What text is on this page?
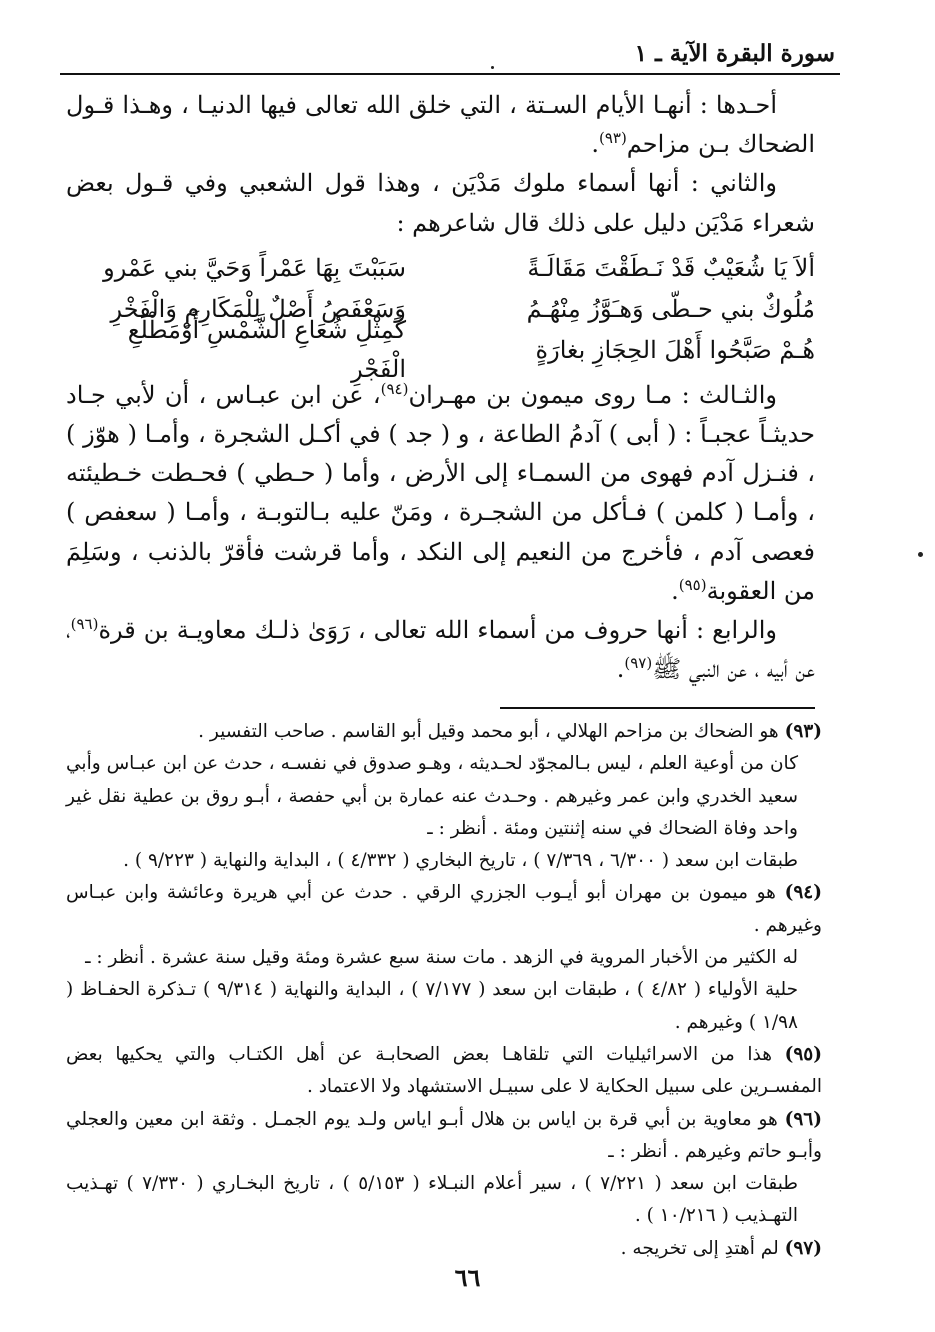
سورة البقرة الآية ـ ١

أحـدها : أنهـا الأيام السـتة ، التي خلق الله تعالى فيها الدنيـا ، وهـذا قـول الضحاك بـن مزاحم$^{(٩٣)}$.

والثاني : أنها أسماء ملوك مَدْيَن ، وهذا قول الشعبي وفي قـول بعض شعراء مَدْيَن دليل على ذلك قال شاعرهم :

ألاَ يَا شُعَيْبٌ قَدْ نَـطَقْتَ مَقَالَـةً
سَبَبْتَ بِهَا عَمْراً وَحَيَّ بني عَمْرو
مُلُوكٌ بني حـطّى وَهـَوَّزُ مِنْهُـمُ
وَسَعْفَصُ أَصْلٌ لِلْمَكَارِمِ وَالْفَخْرِ
هُـمْ صَبَّحُوا أَهْلَ الحِجَازِ بغارَةٍ
كَمِثْلِ شُعَاعِ الشَّمْسِ أَوْمَطْلَعِ الْفَجْرِ

والثـالث : مـا روى ميمون بن مهـران$^{(٩٤)}$، عن ابن عبـاس ، أن لأبي جـاد حديثـاً عجبـاً : ( أبى ) آدمُ الطاعة ، و ( جد ) في أكـل الشجرة ، وأمـا ( هوّز ) ، فنـزل آدم فهوى من السمـاء إلى الأرض ، وأما ( حـطي ) فحـطت خـطيئته ، وأمـا ( كلمن ) فـأكل من الشجـرة ، ومَنّ عليه بـالتوبـة ، وأمـا ( سعفص ) فعصى آدم ، فأخرج من النعيم إلى النكد ، وأما قرشت فأقرّ بالذنب ، وسَلِمَ من العقوبة$^{(٩٥)}$.

والرابع : أنها حروف من أسماء الله تعالى ، رَوَىٰ ذلـك معاويـة بن قرة$^{(٩٦)}$، عن أبيه ، عن النبي ﷺ$^{(٩٧)}$.

(٩٣) هو الضحاك بن مزاحم الهلالي ، أبو محمد وقيل أبو القاسم . صاحب التفسير .

كان من أوعية العلم ، ليس بـالمجوّد لحـديثه ، وهـو صدوق في نفسـه ، حدث عن ابن عبـاس وأبي سعيد الخدري وابن عمر وغيرهم . وحـدث عنه عمارة بن أبي حفصة ، أبـو روق بن عطية نقل غير واحد وفاة الضحاك في سنه إثنتين ومئة . أنظر : ـ

طبقات ابن سعد ( ٦/٣٠٠ ، ٧/٣٦٩ ) ، تاريخ البخاري ( ٤/٣٣٢ ) ، البداية والنهاية ( ٩/٢٢٣ ) .

(٩٤) هو ميمون بن مهران أبو أيـوب الجزري الرقي . حدث عن أبي هريرة وعائشة وابن عبـاس وغيرهم .

له الكثير من الأخبار المروية في الزهد . مات سنة سبع عشرة ومئة وقيل سنة عشرة . أنظر : ـ

حلية الأولياء ( ٤/٨٢ ) ، طبقات ابن سعد ( ٧/١٧٧ ) ، البداية والنهاية ( ٩/٣١٤ ) تـذكرة الحفـاظ ( ١/٩٨ ) وغيرهم .

(٩٥) هذا من الاسرائيليات التي تلقاهـا بعض الصحابـة عن أهل الكتـاب والتي يحكيها بعض المفسـرين على سبيل الحكاية لا على سبيـل الاستشهاد ولا الاعتماد .

(٩٦) هو معاوية بن أبي قرة بن اياس بن هلال أبـو اياس ولـد يوم الجمـل . وثقة ابن معين والعجلي وأبـو حاتم وغيرهم . أنظر : ـ

طبقات ابن سعد ( ٧/٢٢١ ) ، سير أعلام النبـلاء ( ٥/١٥٣ ) ، تاريخ البخـاري ( ٧/٣٣٠ ) تهـذيب التهـذيب ( ١٠/٢١٦ ) .

(٩٧) لم أهتدِ إلى تخريجه .

٦٦
